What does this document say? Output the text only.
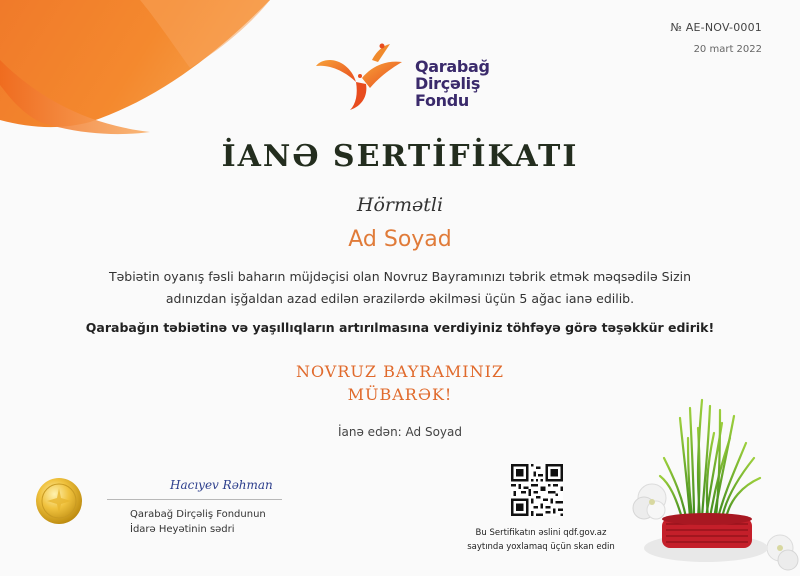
№ AE-NOV-0001
20 mart 2022
Qarabağ
Dirçəliş
Fondu
İANƏ SERTİFİKATI
Hörmətli
Ad Soyad
Təbiətin oyanış fəsli baharın müjdəçisi olan Novruz Bayramınızı təbrik etmək məqsədilə Sizin
adınızdan işğaldan azad edilən ərazilərdə əkilməsi üçün 5 ağac ianə edilib.
Qarabağın təbiətinə və yaşıllıqların artırılmasına verdiyiniz töhfəyə görə təşəkkür edirik!
NOVRUZ BAYRAMINIZ
MÜBARƏK!
İanə edən: Ad Soyad
Hacıyev Rəhman
Qarabağ Dirçəliş Fondunun
İdarə Heyətinin sədri	Bu Sertifikatın əslini qdf.gov.az
saytında yoxlamaq üçün skan edin
